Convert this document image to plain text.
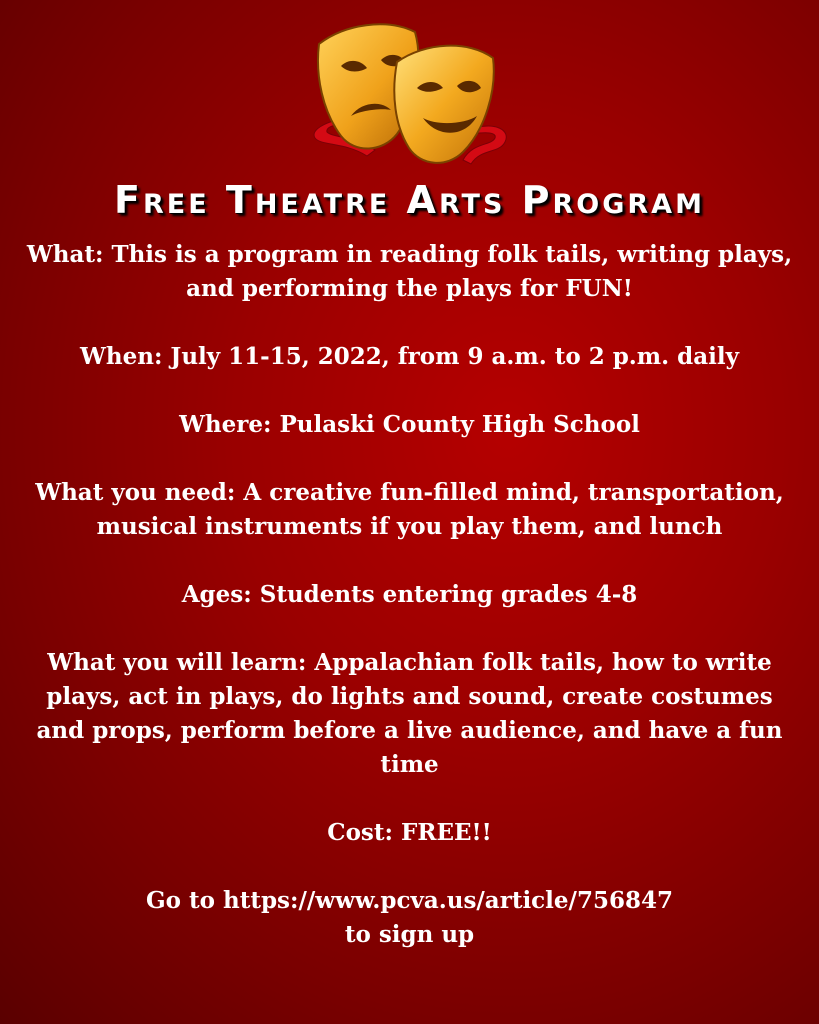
Free Theatre Arts Program

What: This is a program in reading folk tails, writing plays, and performing the plays for FUN!

When: July 11-15, 2022, from 9 a.m. to 2 p.m. daily

Where: Pulaski County High School

What you need: A creative fun-filled mind, transportation, musical instruments if you play them, and lunch

Ages: Students entering grades 4-8

What you will learn: Appalachian folk tails, how to write plays, act in plays, do lights and sound, create costumes and props, perform before a live audience, and have a fun time

Cost: FREE!!

Go to https://www.pcva.us/article/756847
to sign up
